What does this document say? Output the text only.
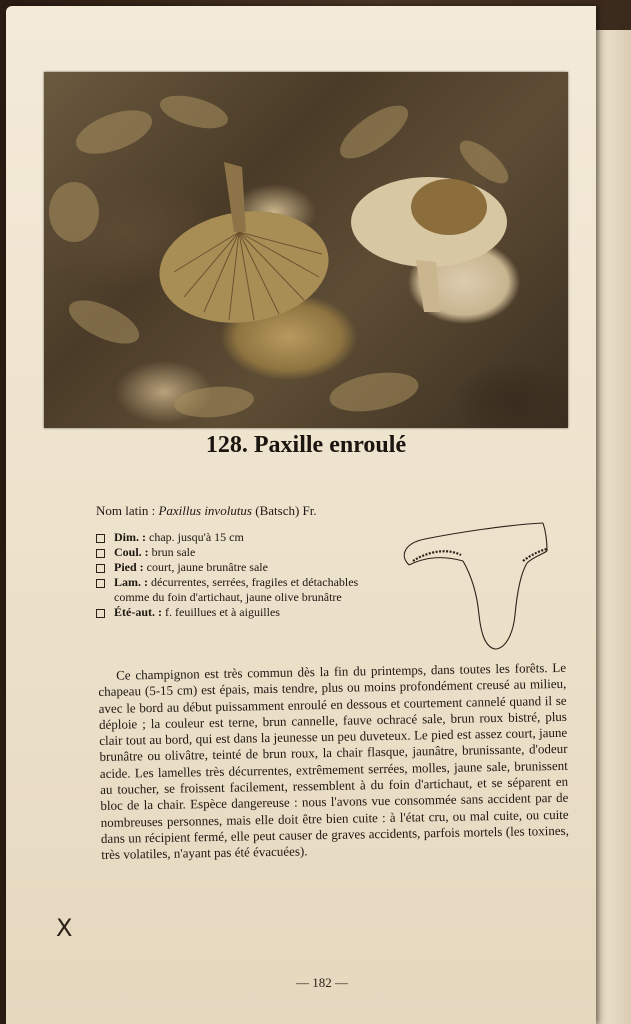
128. Paxille enroulé
Nom latin : Paxillus involutus (Batsch) Fr.
Dim. : chap. jusqu'à 15 cm
Coul. : brun sale
Pied : court, jaune brunâtre sale
Lam. : décurrentes, serrées, fragiles et détachables comme du foin d'artichaut, jaune olive brunâtre
Été-aut. : f. feuillues et à aiguilles

Ce champignon est très commun dès la fin du printemps, dans toutes les forêts. Le chapeau (5-15 cm) est épais, mais tendre, plus ou moins profondément creusé au milieu, avec le bord au début puissamment enroulé en dessous et courtement cannelé quand il se déploie ; la couleur est terne, brun cannelle, fauve ochracé sale, brun roux bistré, plus clair tout au bord, qui est dans la jeunesse un peu duveteux. Le pied est assez court, jaune brunâtre ou olivâtre, teinté de brun roux, la chair flasque, jaunâtre, brunissante, d'odeur acide. Les lamelles très décurrentes, extrêmement serrées, molles, jaune sale, brunissent au toucher, se froissent facilement, ressemblent à du foin d'artichaut, et se séparent en bloc de la chair. Espèce dangereuse : nous l'avons vue consommée sans accident par de nombreuses personnes, mais elle doit être bien cuite : à l'état cru, ou mal cuite, ou cuite dans un récipient fermé, elle peut causer de graves accidents, parfois mortels (les toxines, très volatiles, n'ayant pas été évacuées).

X
— 182 —
